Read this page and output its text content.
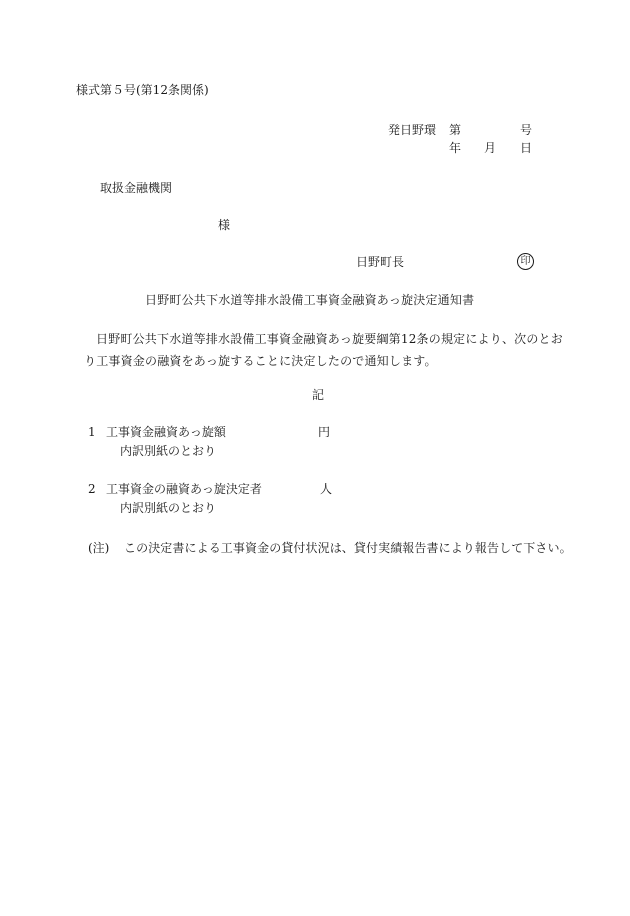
様式第５号(第12条関係)
発日野環 第	号
年 月 日
取扱金融機関
様
日野町長	印
日野町公共下水道等排水設備工事資金融資あっ旋決定通知書
日野町公共下水道等排水設備工事資金融資あっ旋要綱第12条の規定により、次のとおり工事資金の融資をあっ旋することに決定したので通知します。
記
1 工事資金融資あっ旋額	円
内訳別紙のとおり
2 工事資金の融資あっ旋決定者	人
内訳別紙のとおり
(注) この決定書による工事資金の貸付状況は、貸付実績報告書により報告して下さい。
